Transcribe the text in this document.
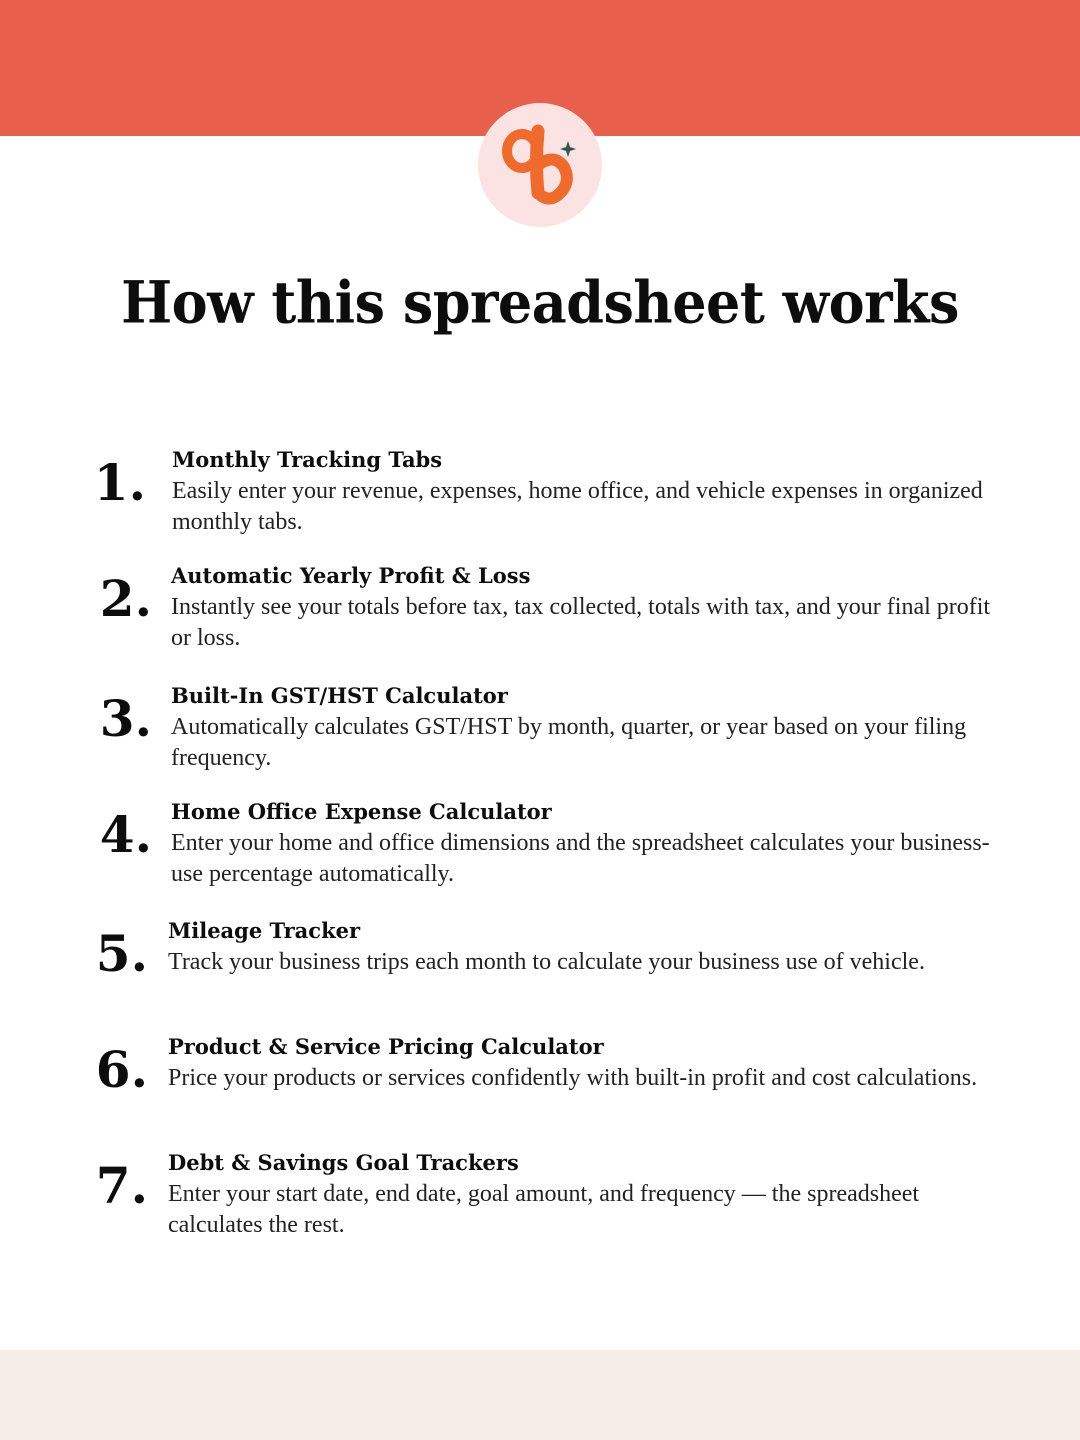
How this spreadsheet works
1. Monthly Tracking Tabs
Easily enter your revenue, expenses, home office, and vehicle expenses in organized monthly tabs.
2. Automatic Yearly Profit & Loss
Instantly see your totals before tax, tax collected, totals with tax, and your final profit or loss.
3. Built-In GST/HST Calculator
Automatically calculates GST/HST by month, quarter, or year based on your filing frequency.
4. Home Office Expense Calculator
Enter your home and office dimensions and the spreadsheet calculates your business-use percentage automatically.
5. Mileage Tracker
Track your business trips each month to calculate your business use of vehicle.
6. Product & Service Pricing Calculator
Price your products or services confidently with built-in profit and cost calculations.
7. Debt & Savings Goal Trackers
Enter your start date, end date, goal amount, and frequency — the spreadsheet calculates the rest.
